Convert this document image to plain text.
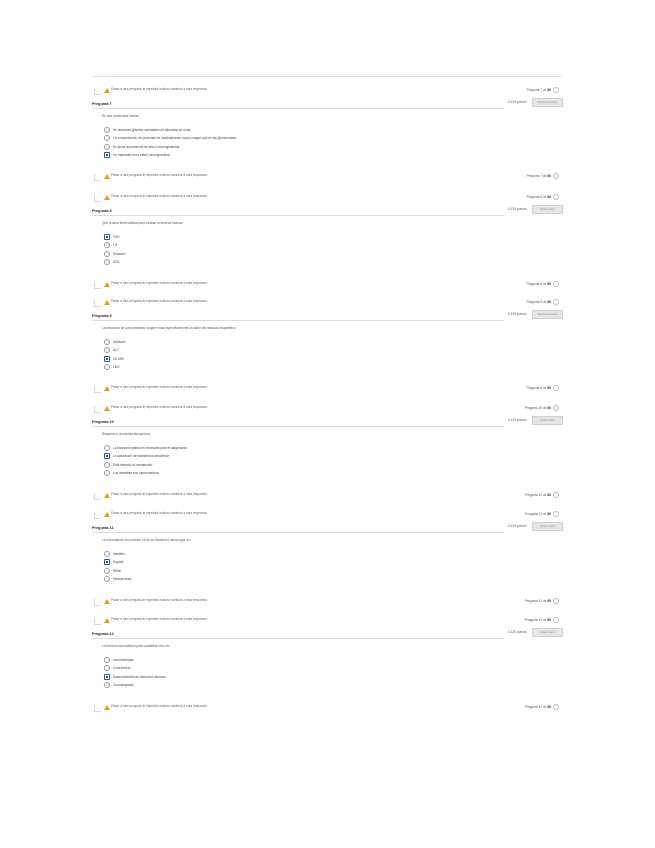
Pasar a otra pregunta le impedirá realizar cambios a esta respuesta	Pregunta 7 de 80
Pregunta 7	0,125 puntos	Marcar respuesta
En una proteinuria tubular:
Se observan grandes cantidades de albúmina en orina
La concentración de proteínas es habitualmente mucho mayor que en las glomerulares
Es típica la presencia de alfa-2-macroglobulina
Un marcador es la beta2-microglobulina
Pasar a otra pregunta le impedirá realizar cambios a esta respuesta	Pregunta 7 de 80
Pasar a otra pregunta le impedirá realizar cambios a esta respuesta	Pregunta 8 de 80
Pregunta 8	0,125 puntos	Quitar marca
Qué prueba tiene utilidad para evaluar la reserva ovárica:
FSH
LH
Estradiol
SDS
Pasar a otra pregunta le impedirá realizar cambios a esta respuesta	Pregunta 8 de 80
Pasar a otra pregunta le impedirá realizar cambios a esta respuesta	Pregunta 9 de 80
Pregunta 9	0,125 puntos	Marcar respuesta
La elevación de qué parámetro sugiere más específicamente un daño del músculo esquelético:
Aldolasa
ALT
CK-MM
LDH
Pasar a otra pregunta le impedirá realizar cambios a esta respuesta	Pregunta 9 de 80
Pasar a otra pregunta le impedirá realizar cambios a esta respuesta	Pregunta 10 de 80
Pregunta 10	0,125 puntos	Quitar marca
Respecto a la anemia ferropénica:
La biopsia hepática es necesaria para el diagnóstico
La saturación de transferrina desciende
Está elevado el hematocrito
Los hematíes son hipercrómicos
Pasar a otra pregunta le impedirá realizar cambios a esta respuesta	Pregunta 10 de 80
Pasar a otra pregunta le impedirá realizar cambios a esta respuesta	Pregunta 11 de 80
Pregunta 11	0,125 puntos	Quitar marca
La hidroxilación en posición 25 de la Vitamina D tiene lugar en:
Intestino
Hígado
Riñón
Médula ósea
Pasar a otra pregunta le impedirá realizar cambios a esta respuesta	Pregunta 11 de 80
Pasar a otra pregunta le impedirá realizar cambios a esta respuesta	Pregunta 12 de 80
Pregunta 12	0,125 puntos	Quitar marca
La técnica más habitual para cuantificar zinc es:
Inmunoensayo
Colorimetría
Espectrometría de absorción atómica
Cromatografía
Pasar a otra pregunta le impedirá realizar cambios a esta respuesta	Pregunta 12 de 80
